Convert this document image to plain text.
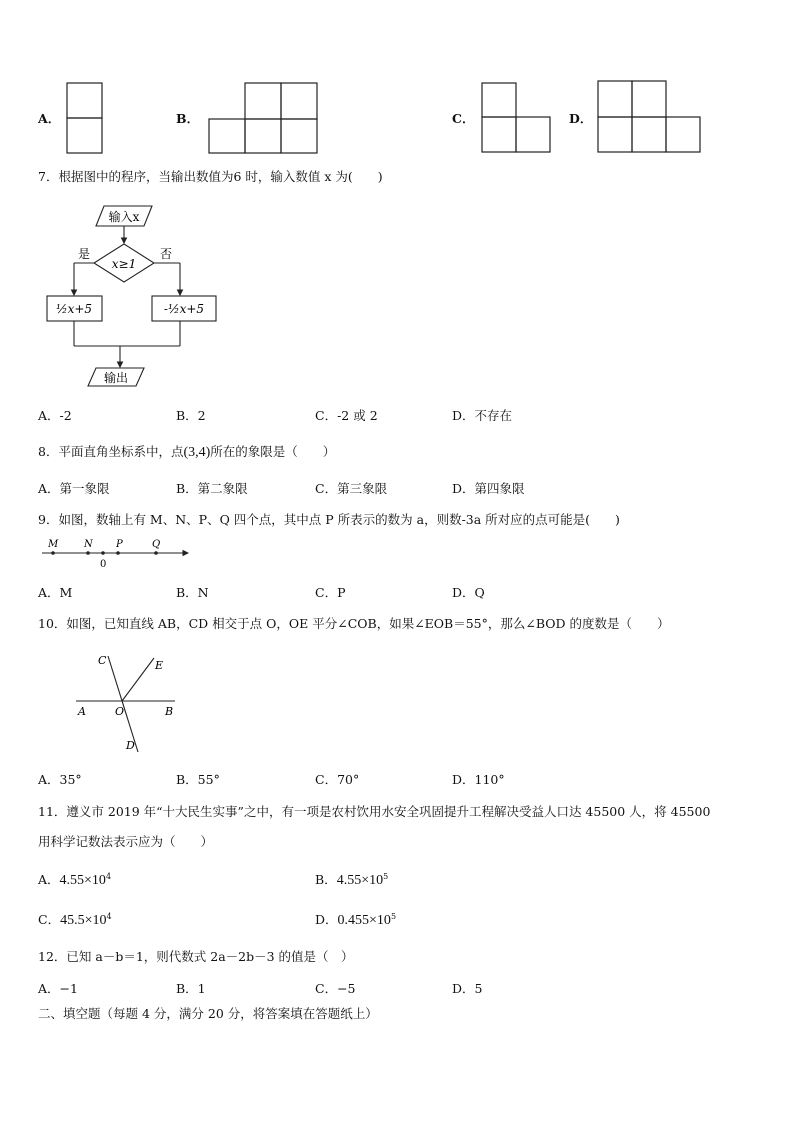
A．	B．	C．	D．
7．根据图中的程序，当输出数值为6 时，输入数值 x 为(　　)
输入x
x≥1
是	否
½x+5	-½x+5
输出
A．-2	B．2	C．-2 或 2	D．不存在
8．平面直角坐标系中，点(3,4)所在的象限是（　　）
A．第一象限	B．第二象限	C．第三象限	D．第四象限
9．如图，数轴上有 M、N、P、Q 四个点，其中点 P 所表示的数为 a，则数-3a 所对应的点可能是(　　)
M	N P	Q
0
A．M	B．N	C．P	D．Q
10．如图，已知直线 AB，CD 相交于点 O，OE 平分∠COB，如果∠EOB＝55°，那么∠BOD 的度数是（　　）
C	E
A	O	B
D
A．35°	B．55°	C．70°	D．110°
11．遵义市 2019 年“十大民生实事”之中，有一项是农村饮用水安全巩固提升工程解决受益人口达 45500 人，将 45500
用科学记数法表示应为（　　）
A．$4.55\times 10^4$	B．$4.55\times 10^5$
C．$45.5\times 10^4$	D．$0.455\times 10^5$
12．已知 a－b＝1，则代数式 2a－2b－3 的值是（　）
A．−1	B．1	C．−5	D．5
二、填空题（每题 4 分，满分 20 分，将答案填在答题纸上）
